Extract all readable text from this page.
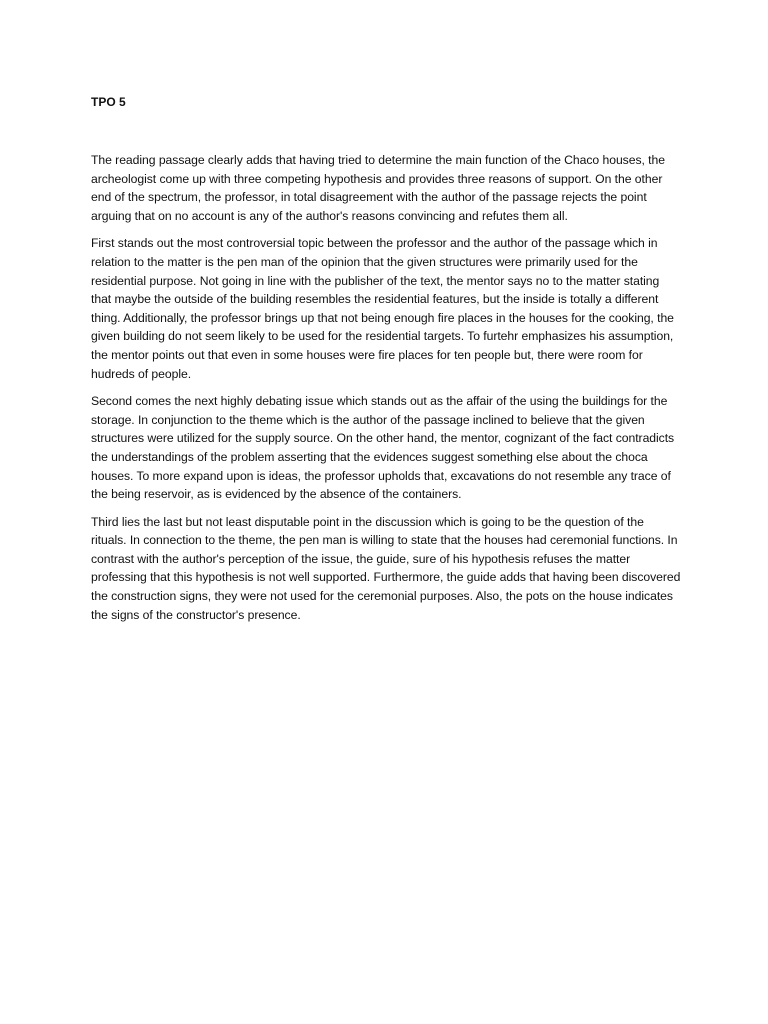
TPO 5

The reading passage clearly adds that having tried to determine the main function of the Chaco houses, the archeologist come up with three competing hypothesis and provides three reasons of support. On the other end of the spectrum, the professor, in total disagreement with the author of the passage rejects the point arguing that on no account is any of the author's reasons convincing and refutes them all.

First stands out the most controversial topic between the professor and the author of the passage which in relation to the matter is the pen man of the opinion that the given structures were primarily used for the residential purpose. Not going in line with the publisher of the text, the mentor says no to the matter stating that maybe the outside of the building resembles the residential features, but the inside is totally a different thing. Additionally, the professor brings up that not being enough fire places in the houses for the cooking, the given building do not seem likely to be used for the residential targets. To furtehr emphasizes his assumption, the mentor points out that even in some houses were fire places for ten people but, there were room for hudreds of people.

Second comes the next highly debating issue which stands out as the affair of the using the buildings for the storage. In conjunction to the theme which is the author of the passage inclined to believe that the given structures were utilized for the supply source. On the other hand, the mentor, cognizant of the fact contradicts the understandings of the problem asserting that the evidences suggest something else about the choca houses. To more expand upon is ideas, the professor upholds that, excavations do not resemble any trace of the being reservoir, as is evidenced by the absence of the containers.

Third lies the last but not least disputable point in the discussion which is going to be the question of the rituals. In connection to the theme, the pen man is willing to state that the houses had ceremonial functions. In contrast with the author's perception of the issue, the guide, sure of his hypothesis refuses the matter professing that this hypothesis is not well supported. Furthermore, the guide adds that having been discovered the construction signs, they were not used for the ceremonial purposes. Also, the pots on the house indicates the signs of the constructor's presence.
